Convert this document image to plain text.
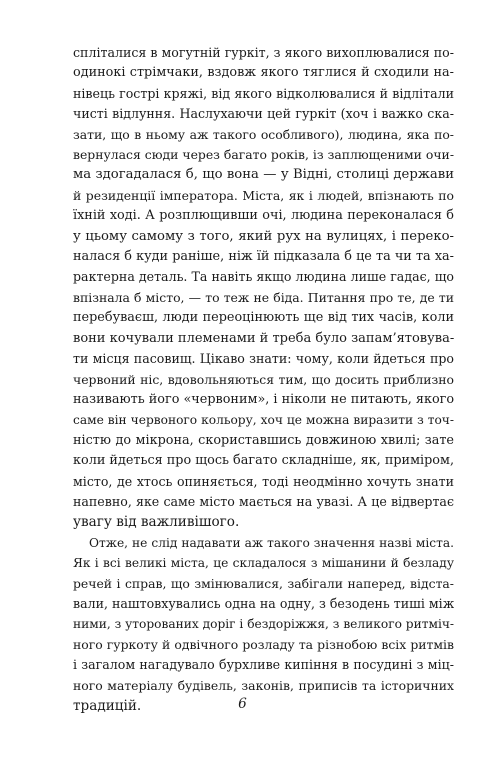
спліталися в могутній гуркіт, з якого вихоплювалися по-
одинокі стрімчаки, вздовж якого тяглися й сходили на-
нівець гострі кряжі, від якого відколювалися й відлітали
чисті відлуння. Наслухаючи цей гуркіт (хоч і важко ска-
зати, що в ньому аж такого особливого), людина, яка по-
вернулася сюди через багато років, із заплющеними очи-
ма здогадалася б, що вона — у Відні, столиці держави
й резиденції імператора. Міста, як і людей, впізнають по
їхній ході. А розплющивши очі, людина переконалася б
у цьому самому з того, який рух на вулицях, і переко-
налася б куди раніше, ніж їй підказала б це та чи та ха-
рактерна деталь. Та навіть якщо людина лише гадає, що
впізнала б місто, — то теж не біда. Питання про те, де ти
перебуваєш, люди переоцінюють ще від тих часів, коли
вони кочували племенами й треба було запам’ятовува-
ти місця пасовищ. Цікаво знати: чому, коли йдеться про
червоний ніс, вдовольняються тим, що досить приблизно
називають його «червоним», і ніколи не питають, якого
саме він червоного кольору, хоч це можна виразити з точ-
ністю до мікрона, скориставшись довжиною хвилі; зате
коли йдеться про щось багато складніше, як, приміром,
місто, де хтось опиняється, тоді неодмінно хочуть знати
напевно, яке саме місто мається на увазі. А це відвертає
увагу від важливішого.
Отже, не слід надавати аж такого значення назві міста.
Як і всі великі міста, це складалося з мішанини й безладу
речей і справ, що змінювалися, забігали наперед, відста-
вали, наштовхувались одна на одну, з безодень тиші між
ними, з уторованих доріг і бездоріжжя, з великого ритміч-
ного гуркоту й одвічного розладу та різнобою всіх ритмів
і загалом нагадувало бурхливе кипіння в посудині з міц-
ного матеріалу будівель, законів, приписів та історичних
традицій.	6
